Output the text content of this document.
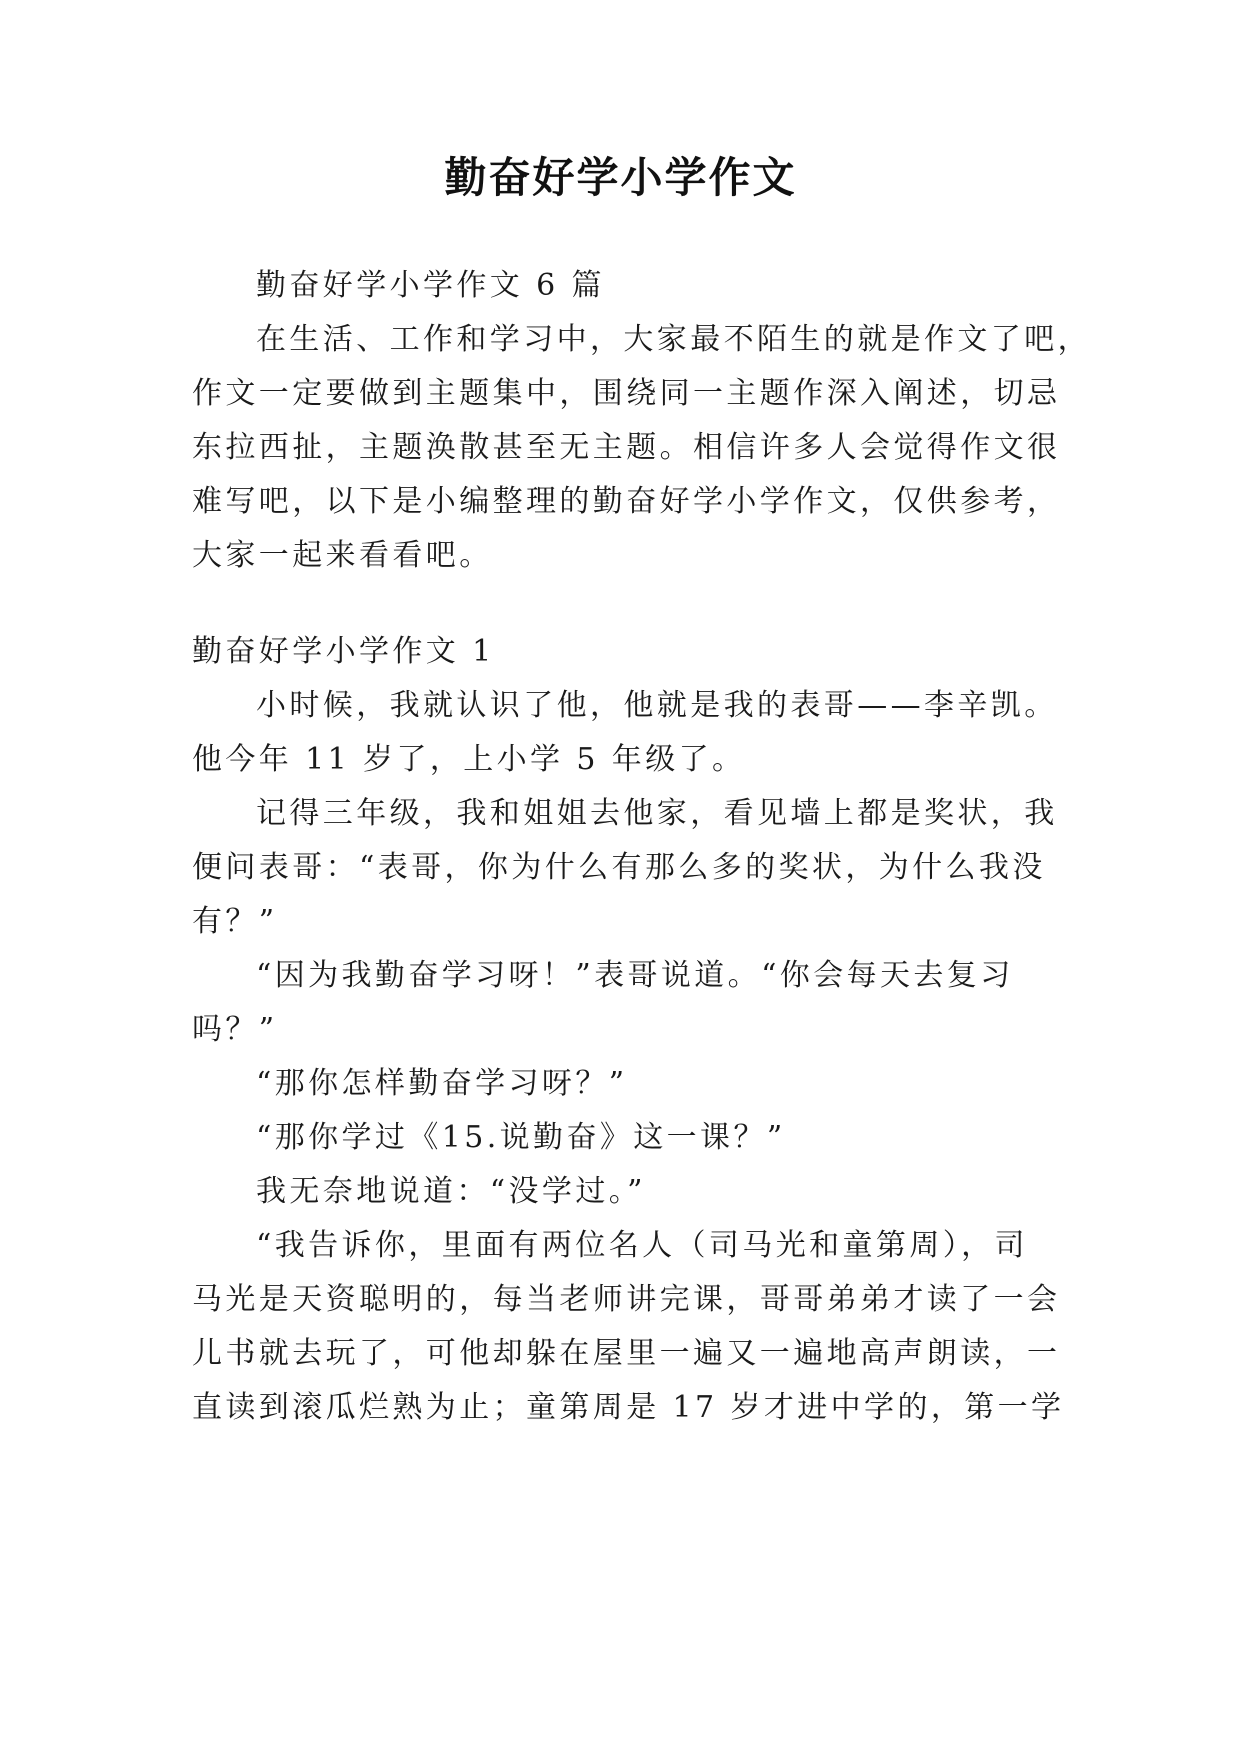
勤奋好学小学作文
勤奋好学小学作文 6 篇
在生活、工作和学习中，大家最不陌生的就是作文了吧，
作文一定要做到主题集中，围绕同一主题作深入阐述，切忌
东拉西扯，主题涣散甚至无主题。相信许多人会觉得作文很
难写吧，以下是小编整理的勤奋好学小学作文，仅供参考，
大家一起来看看吧。
勤奋好学小学作文 1
小时候，我就认识了他，他就是我的表哥——李辛凯。
他今年 11 岁了，上小学 5 年级了。
记得三年级，我和姐姐去他家，看见墙上都是奖状，我
便问表哥：“表哥，你为什么有那么多的奖状，为什么我没
有？”
“因为我勤奋学习呀！”表哥说道。“你会每天去复习
吗？”
“那你怎样勤奋学习呀？”
“那你学过《15.说勤奋》这一课？”
我无奈地说道：“没学过。”
“我告诉你，里面有两位名人（司马光和童第周），司
马光是天资聪明的，每当老师讲完课，哥哥弟弟才读了一会
儿书就去玩了，可他却躲在屋里一遍又一遍地高声朗读，一
直读到滚瓜烂熟为止；童第周是 17 岁才进中学的，第一学
